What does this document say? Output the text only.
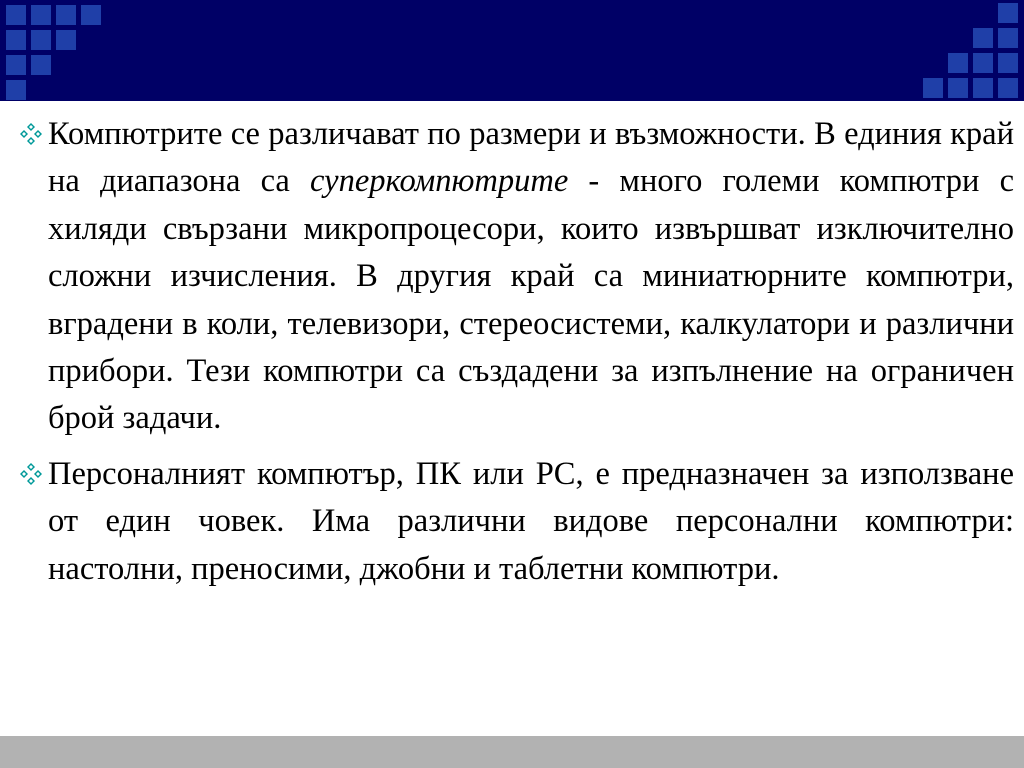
Компютрите се различават по размери и възможности. В единия край на диапазона са суперкомпютрите - много големи компютри с хиляди свързани микропроцесори, които извършват изключително сложни изчисления. В другия край са миниатюрните компютри, вградени в коли, телевизори, стереосистеми, калкулатори и различни прибори. Тези компютри са създадени за изпълнение на ограничен брой задачи.
Персоналният компютър, ПК или PC, е предназначен за използване от един човек. Има различни видове персонални компютри: настолни, преносими, джобни и таблетни компютри.
